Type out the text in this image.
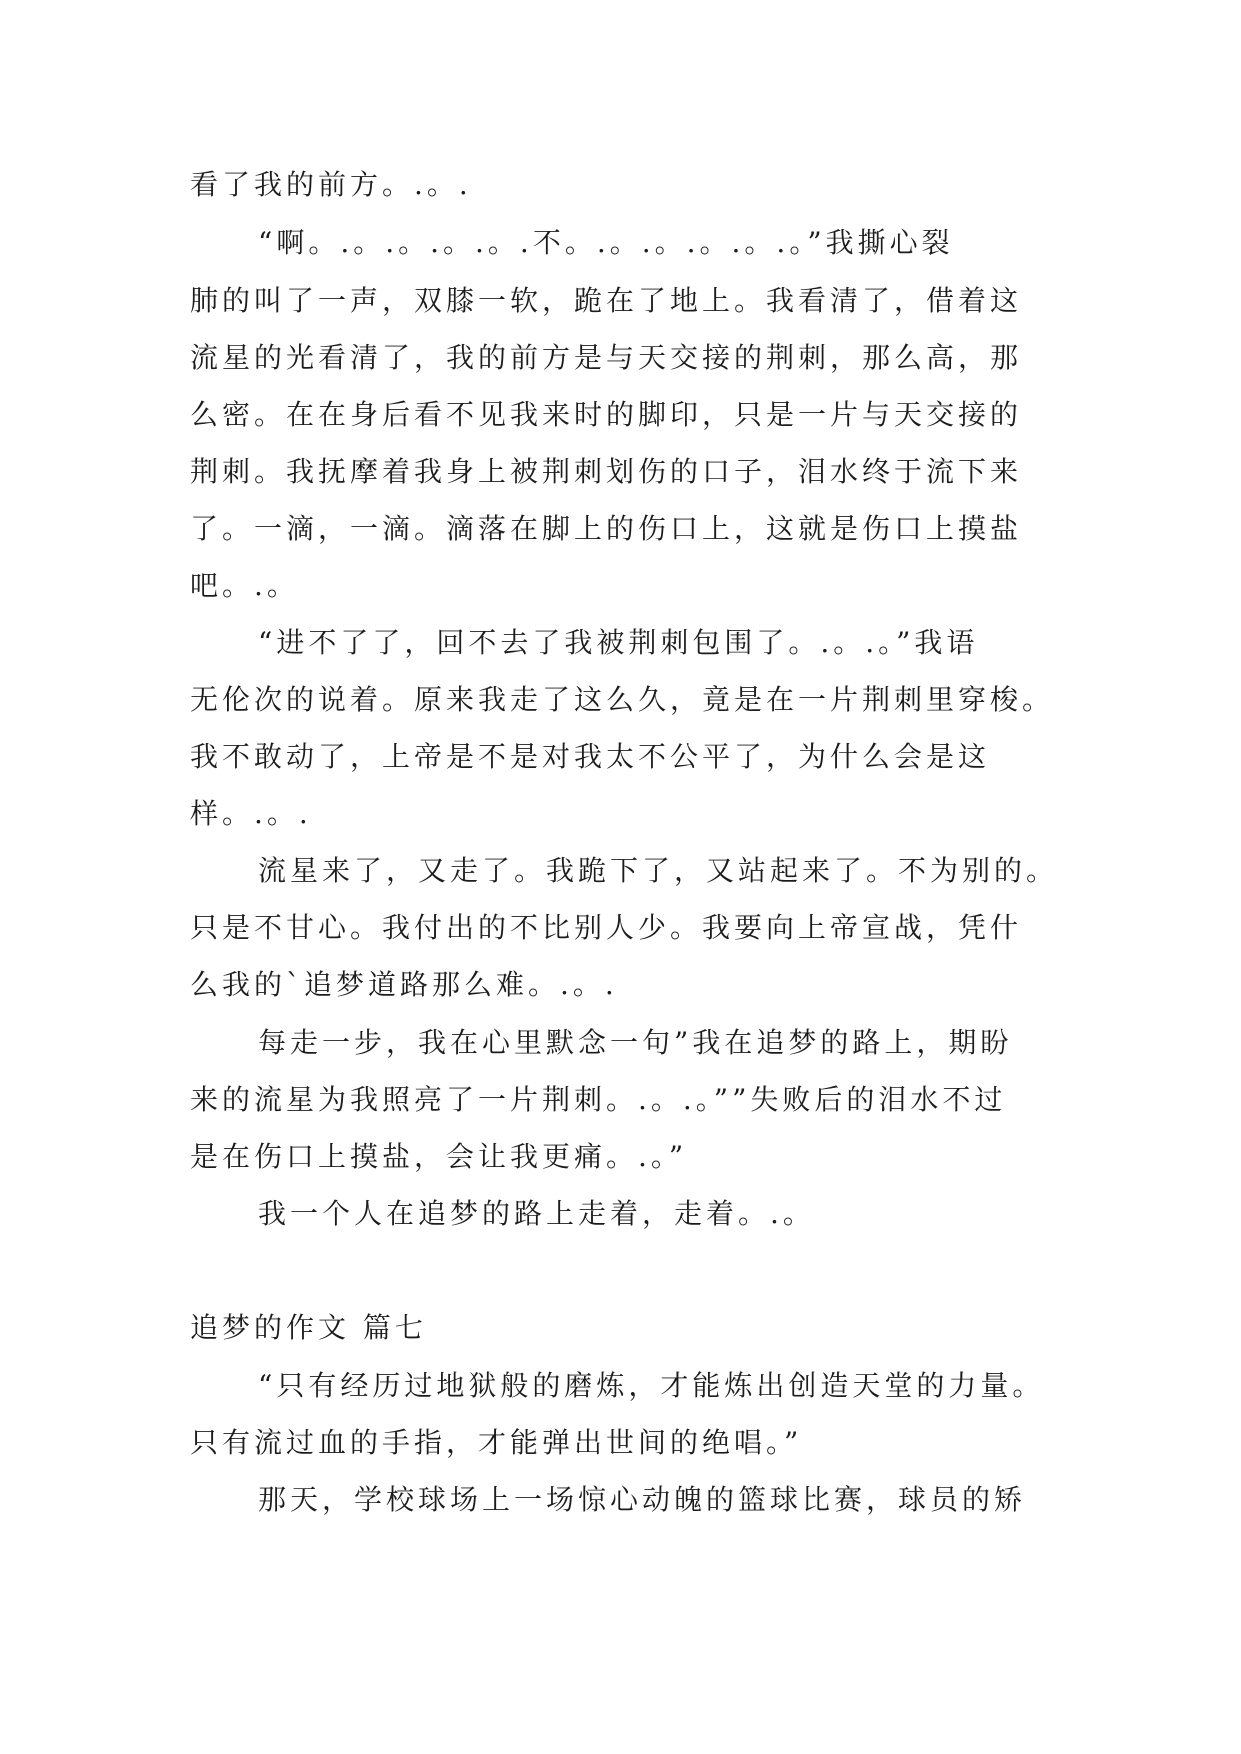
看了我的前方。.。.

“啊。.。.。.。.。.不。.。.。.。.。.。”我撕心裂

肺的叫了一声，双膝一软，跪在了地上。我看清了，借着这

流星的光看清了，我的前方是与天交接的荆刺，那么高，那

么密。在在身后看不见我来时的脚印，只是一片与天交接的

荆刺。我抚摩着我身上被荆刺划伤的口子，泪水终于流下来

了。一滴，一滴。滴落在脚上的伤口上，这就是伤口上摸盐

吧。.。

“进不了了，回不去了我被荆刺包围了。.。.。”我语

无伦次的说着。原来我走了这么久，竟是在一片荆刺里穿梭。

我不敢动了，上帝是不是对我太不公平了，为什么会是这

样。.。.

流星来了，又走了。我跪下了，又站起来了。不为别的。

只是不甘心。我付出的不比别人少。我要向上帝宣战，凭什

么我的`追梦道路那么难。.。.

每走一步，我在心里默念一句”我在追梦的路上，期盼

来的流星为我照亮了一片荆刺。.。.。””失败后的泪水不过

是在伤口上摸盐，会让我更痛。.。”

我一个人在追梦的路上走着，走着。.。

追梦的作文 篇七

“只有经历过地狱般的磨炼，才能炼出创造天堂的力量。

只有流过血的手指，才能弹出世间的绝唱。”

那天，学校球场上一场惊心动魄的篮球比赛，球员的矫
